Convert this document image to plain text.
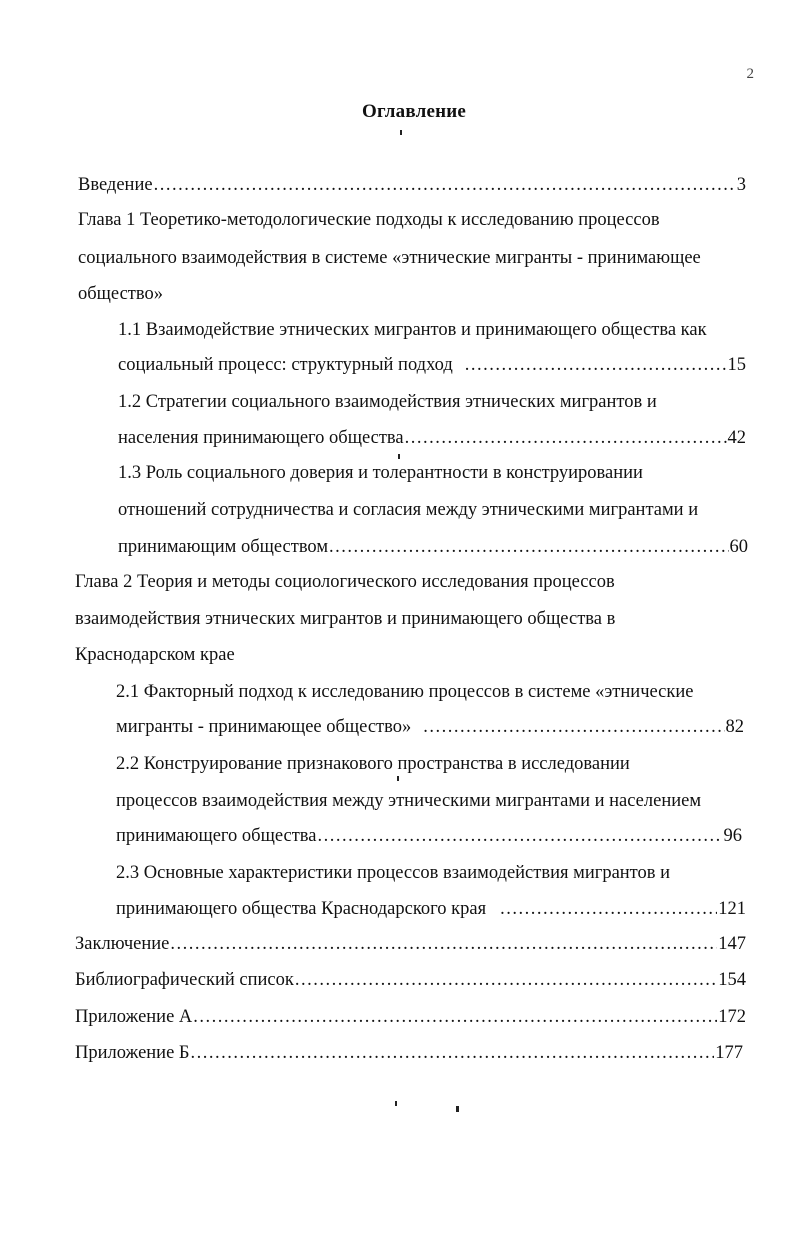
2
Оглавление
Введение .....	3
Глава 1 Теоретико-методологические подходы к исследованию процессов
социального взаимодействия в системе «этнические мигранты - принимающее
общество»
1.1 Взаимодействие этнических мигрантов и принимающего общества как
социальный процесс: структурный подход .....	15
1.2 Стратегии социального взаимодействия этнических мигрантов и
населения принимающего общества .....	42
1.3 Роль социального доверия и толерантности в конструировании
отношений сотрудничества и согласия между этническими мигрантами и
принимающим обществом .....	60
Глава 2 Теория и методы социологического исследования процессов
взаимодействия этнических мигрантов и принимающего общества в
Краснодарском крае
2.1 Факторный подход к исследованию процессов в системе «этнические
мигранты - принимающее общество» .....	82
2.2 Конструирование признакового пространства в исследовании
процессов взаимодействия между этническими мигрантами и населением
принимающего общества .....	96
2.3 Основные характеристики процессов взаимодействия мигрантов и
принимающего общества Краснодарского края .....	121
Заключение .....	147
Библиографический список .....	154
Приложение А .....	172
Приложение Б .....	177
